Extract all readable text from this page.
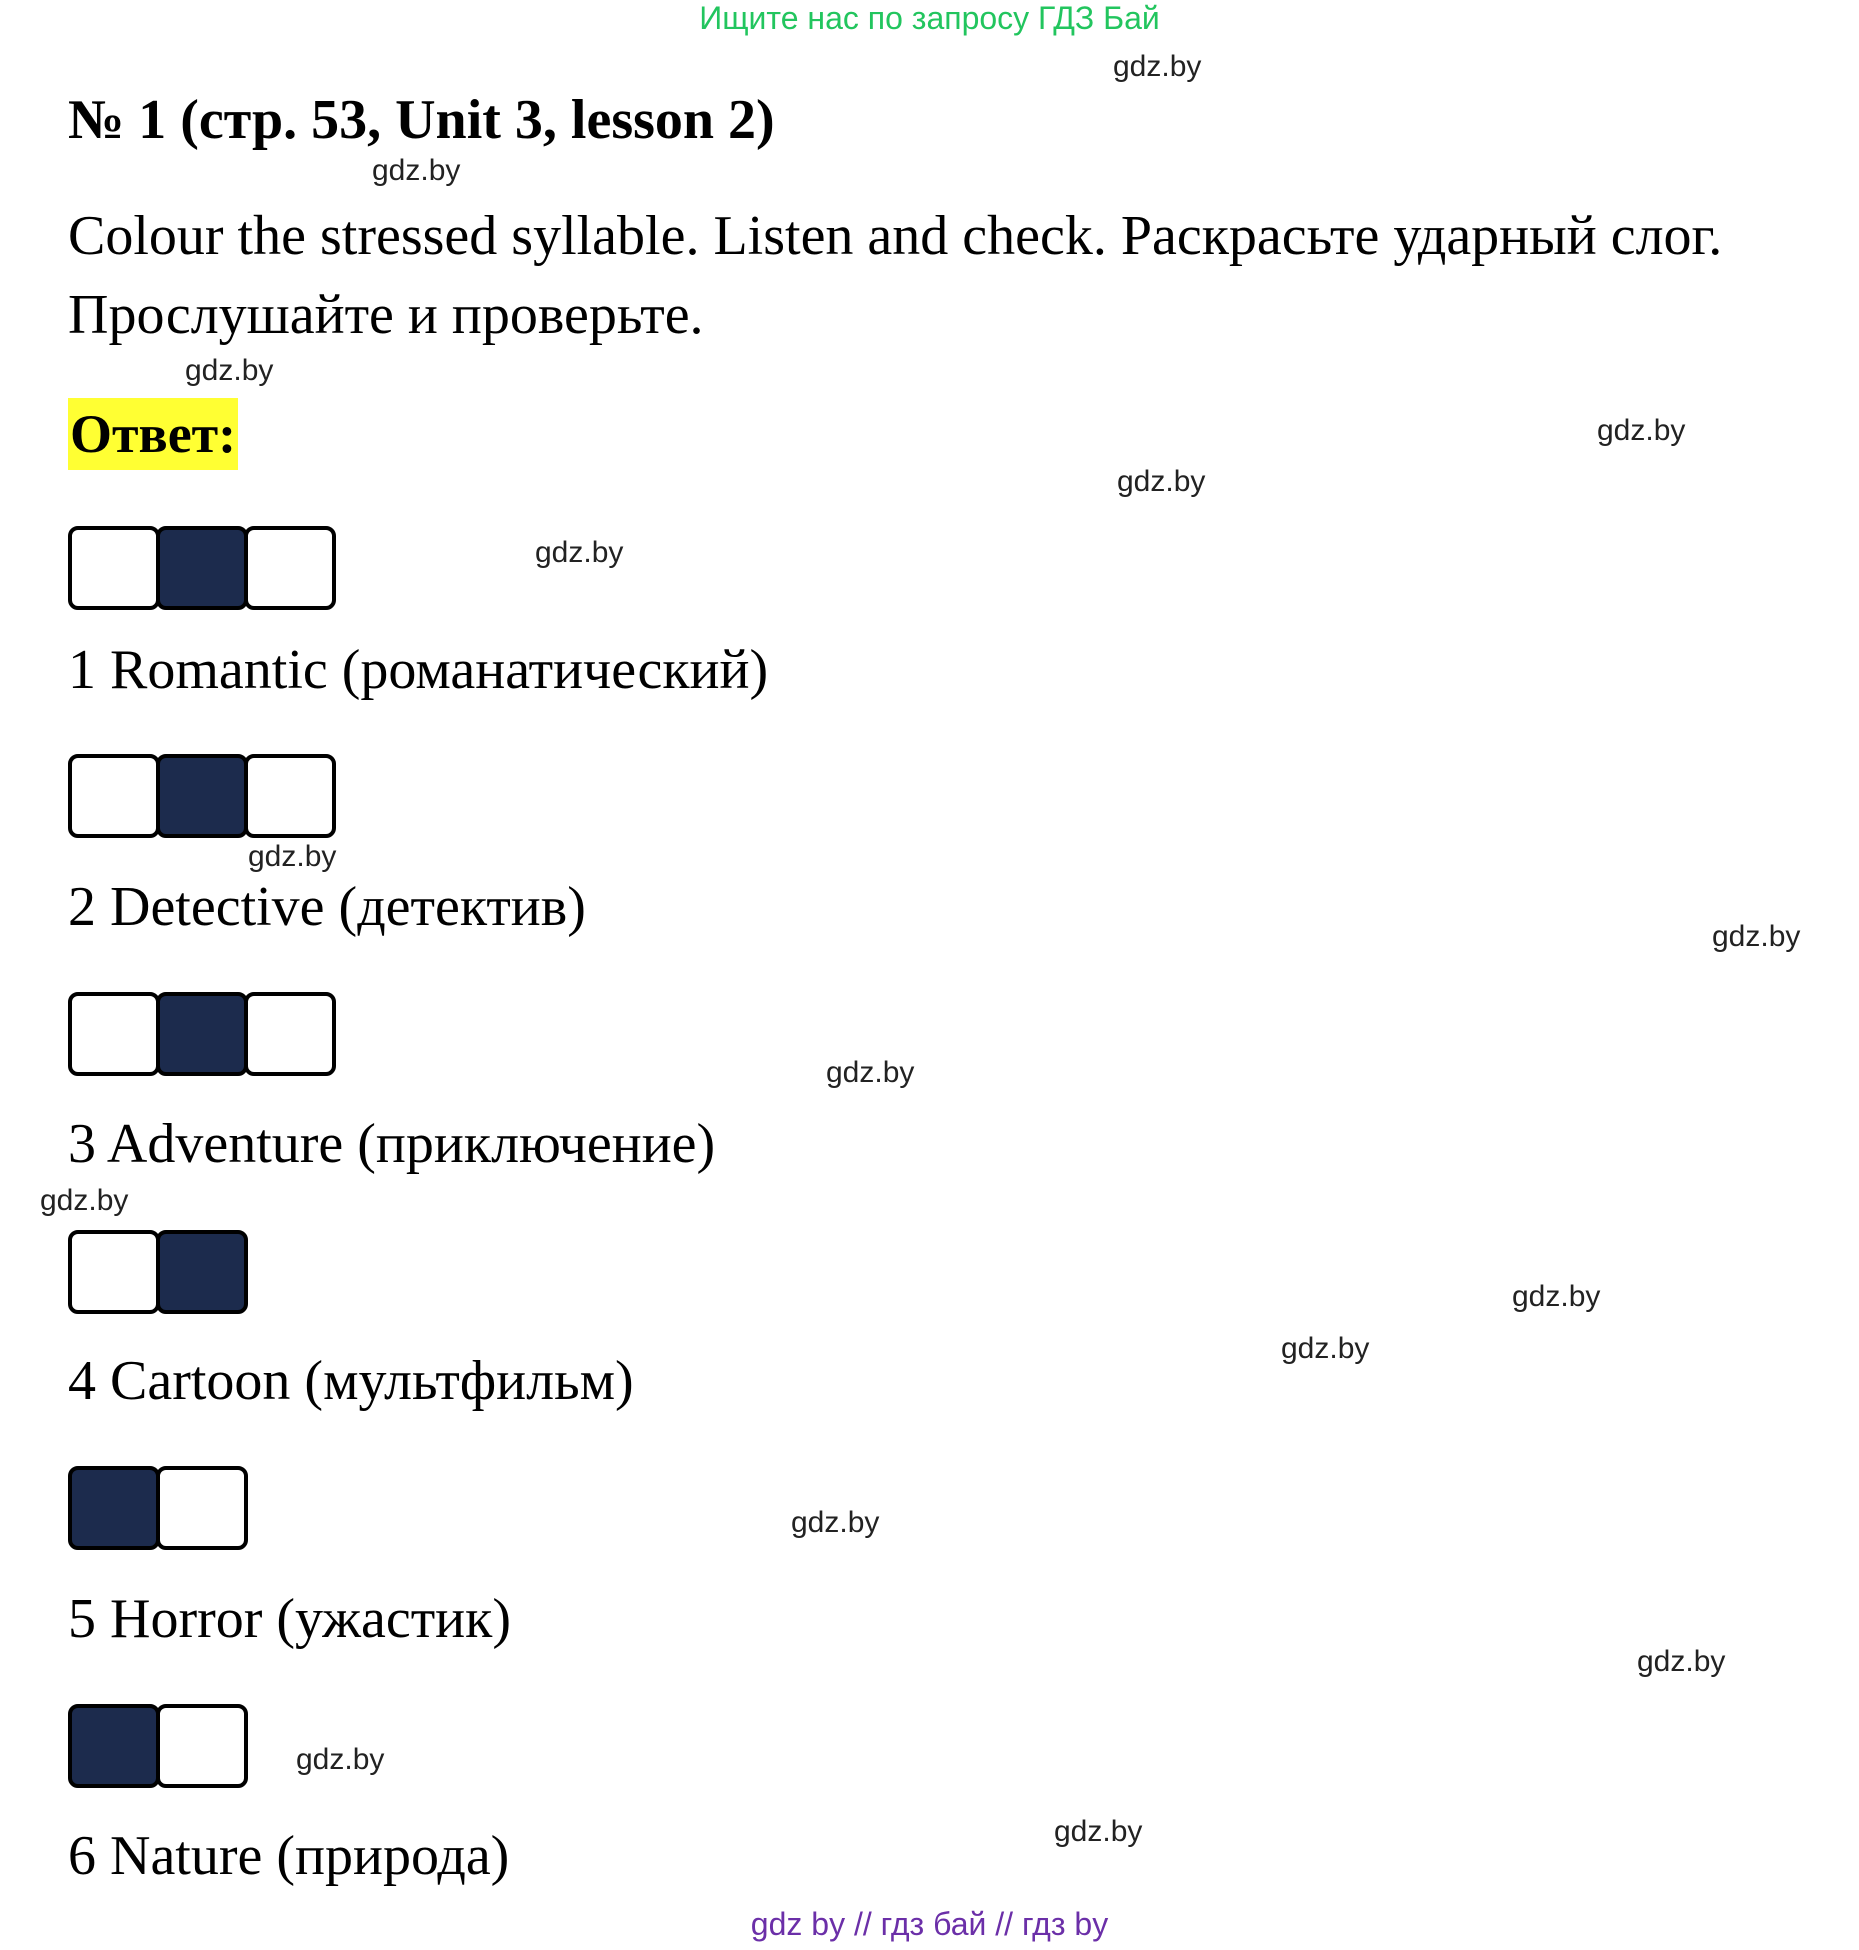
Ищите нас по запросу ГДЗ Бай
№ 1 (стр. 53, Unit 3, lesson 2)
Colour the stressed syllable. Listen and check. Раскрасьте ударный слог.
Прослушайте и проверьте.
Ответ:
1 Romantic (романатический)
2 Detective (детектив)
3 Adventure (приключение)
4 Cartoon (мультфильм)
5 Horror (ужастик)
6 Nature (природа)
gdz.by
gdz.by
gdz.by
gdz.by
gdz.by
gdz.by
gdz.by
gdz.by
gdz.by
gdz.by
gdz.by
gdz.by
gdz.by
gdz.by
gdz.by
gdz.by
gdz by // гдз бай // гдз by
